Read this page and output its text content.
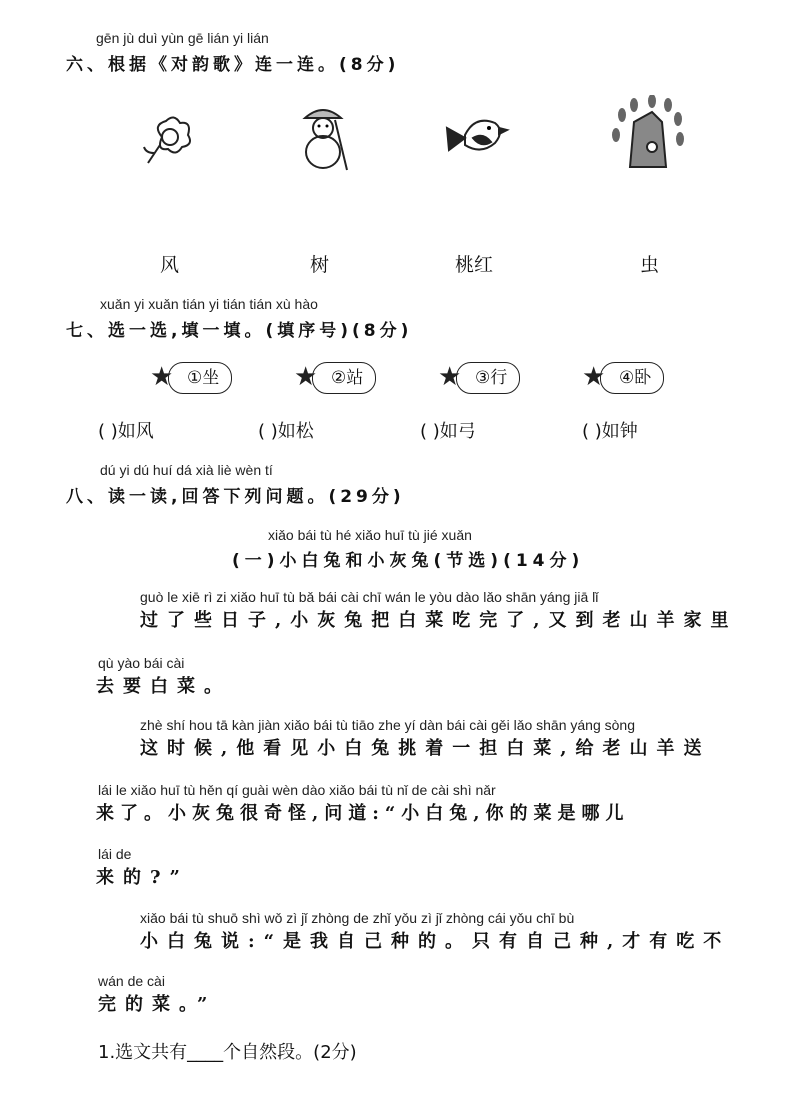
gēn jù duì yùn gē lián yi lián
六、根据《对韵歌》连一连。(8分)
风	树	桃红	虫
xuǎn yi xuǎn tián yi tián tián xù hào
七、选一选,填一填。(填序号)(8分)
①坐
★	②站
★	③行
★	④卧
★
( )如风	( )如松	( )如弓	( )如钟
dú yi dú huí dá xià liè wèn tí
八、读一读,回答下列问题。(29分)
xiǎo bái tù hé xiǎo huī tù jié xuǎn
(一)小白兔和小灰兔(节选)(14分)
guò le xiē rì zi xiǎo huī tù bǎ bái cài chī wán le yòu dào lǎo shān yáng jiā lǐ
过了些日子,小灰兔把白菜吃完了,又到老山羊家里
qù yào bái cài
去要白菜。
zhè shí hou tā kàn jiàn xiǎo bái tù tiāo zhe yí dàn bái cài gěi lǎo shān yáng sòng
这时候,他看见小白兔挑着一担白菜,给老山羊送
lái le xiǎo huī tù hěn qí guài wèn dào xiǎo bái tù nǐ de cài shì nǎr
来了。小灰兔很奇怪,问道:“小白兔,你的菜是哪儿
lái de
来的?”
xiǎo bái tù shuō shì wǒ zì jǐ zhòng de zhǐ yǒu zì jǐ zhòng cái yǒu chī bù
小白兔说:“是我自己种的。只有自己种,才有吃不
wán de cài
完的菜。”
1.选文共有____个自然段。(2分)
